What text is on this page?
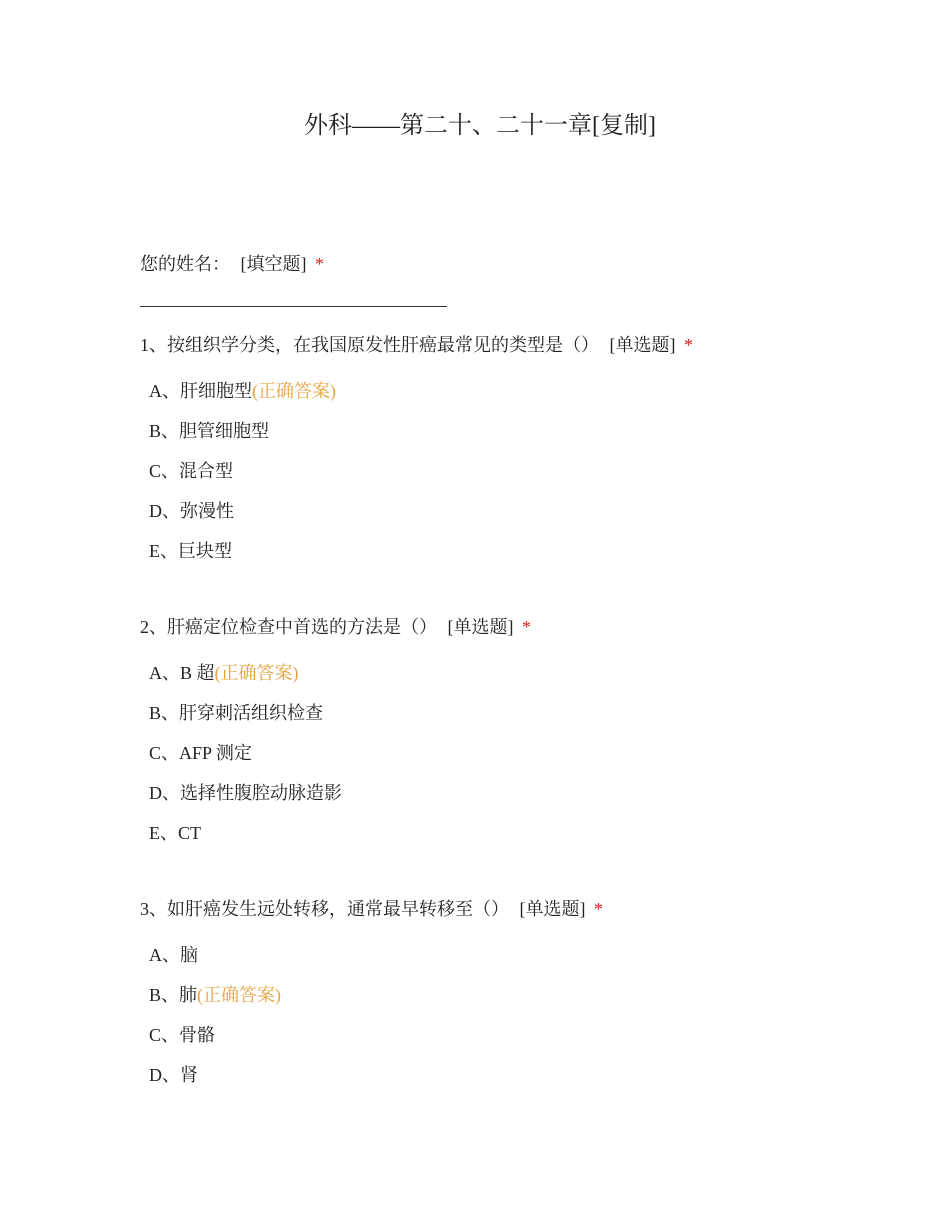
外科——第二十、二十一章[复制]
您的姓名： [填空题] *
1、按组织学分类，在我国原发性肝癌最常见的类型是（） [单选题] *
A、肝细胞型(正确答案)
B、胆管细胞型
C、混合型
D、弥漫性
E、巨块型
2、肝癌定位检查中首选的方法是（） [单选题] *
A、B 超(正确答案)
B、肝穿刺活组织检查
C、AFP 测定
D、选择性腹腔动脉造影
E、CT
3、如肝癌发生远处转移，通常最早转移至（） [单选题] *
A、脑
B、肺(正确答案)
C、骨骼
D、肾
